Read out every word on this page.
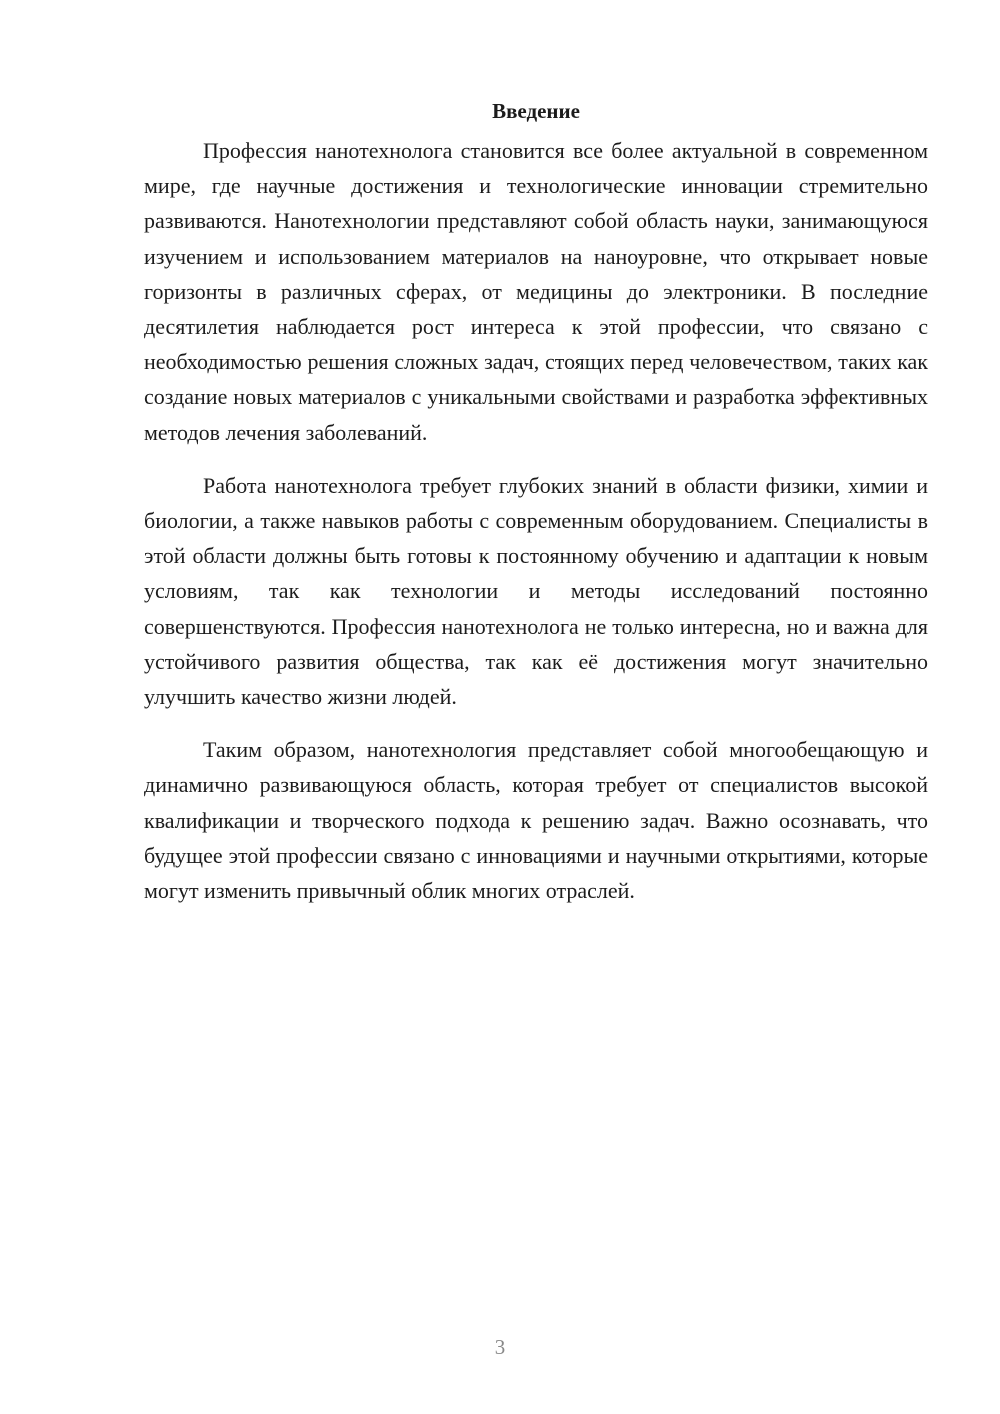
Введение

Профессия нанотехнолога становится все более актуальной в современном мире, где научные достижения и технологические инновации стремительно развиваются. Нанотехнологии представляют собой область науки, занимающуюся изучением и использованием материалов на наноуровне, что открывает новые горизонты в различных сферах, от медицины до электроники. В последние десятилетия наблюдается рост интереса к этой профессии, что связано с необходимостью решения сложных задач, стоящих перед человечеством, таких как создание новых материалов с уникальными свойствами и разработка эффективных методов лечения заболеваний.

Работа нанотехнолога требует глубоких знаний в области физики, химии и биологии, а также навыков работы с современным оборудованием. Специалисты в этой области должны быть готовы к постоянному обучению и адаптации к новым условиям, так как технологии и методы исследований постоянно совершенствуются. Профессия нанотехнолога не только интересна, но и важна для устойчивого развития общества, так как её достижения могут значительно улучшить качество жизни людей.

Таким образом, нанотехнология представляет собой многообещающую и динамично развивающуюся область, которая требует от специалистов высокой квалификации и творческого подхода к решению задач. Важно осознавать, что будущее этой профессии связано с инновациями и научными открытиями, которые могут изменить привычный облик многих отраслей.

3
